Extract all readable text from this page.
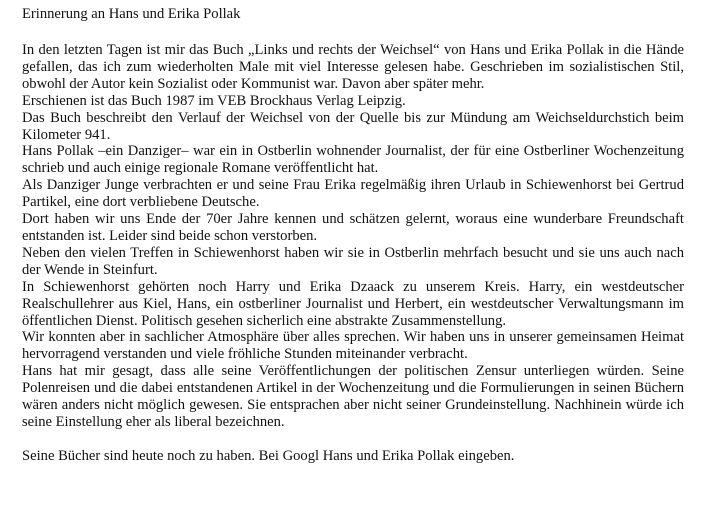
Erinnerung an Hans und Erika Pollak

In den letzten Tagen ist mir das Buch „Links und rechts der Weichsel“ von Hans und Erika Pollak in die Hände gefallen, das ich zum wiederholten Male mit viel Interesse gelesen habe. Geschrieben im sozialistischen Stil, obwohl der Autor kein Sozialist oder Kommunist war. Davon aber später mehr.

Erschienen ist das Buch 1987 im VEB Brockhaus Verlag Leipzig.

Das Buch beschreibt den Verlauf der Weichsel von der Quelle bis zur Mündung am Weichseldurchstich beim Kilometer 941.

Hans Pollak –ein Danziger– war ein in Ostberlin wohnender Journalist, der für eine Ostberliner Wochenzeitung schrieb und auch einige regionale Romane veröffentlicht hat.

Als Danziger Junge verbrachten er und seine Frau Erika regelmäßig ihren Urlaub in Schiewenhorst bei Gertrud Partikel, eine dort verbliebene Deutsche.

Dort haben wir uns Ende der 70er Jahre kennen und schätzen gelernt, woraus eine wunderbare Freundschaft entstanden ist. Leider sind beide schon verstorben.

Neben den vielen Treffen in Schiewenhorst haben wir sie in Ostberlin mehrfach besucht und sie uns auch nach der Wende in Steinfurt.

In Schiewenhorst gehörten noch Harry und Erika Dzaack zu unserem Kreis. Harry, ein westdeutscher Realschullehrer aus Kiel, Hans, ein ostberliner Journalist und Herbert, ein westdeutscher Verwaltungsmann im öffentlichen Dienst. Politisch gesehen sicherlich eine abstrakte Zusammenstellung.

Wir konnten aber in sachlicher Atmosphäre über alles sprechen. Wir haben uns in unserer gemeinsamen Heimat hervorragend verstanden und viele fröhliche Stunden miteinander verbracht.

Hans hat mir gesagt, dass alle seine Veröffentlichungen der politischen Zensur unterliegen würden. Seine Polenreisen und die dabei entstandenen Artikel in der Wochenzeitung und die Formulierungen in seinen Büchern wären anders nicht möglich gewesen. Sie entsprachen aber nicht seiner Grundeinstellung. Nachhinein würde ich seine Einstellung eher als liberal bezeichnen.

Seine Bücher sind heute noch zu haben. Bei Googl Hans und Erika Pollak eingeben.
